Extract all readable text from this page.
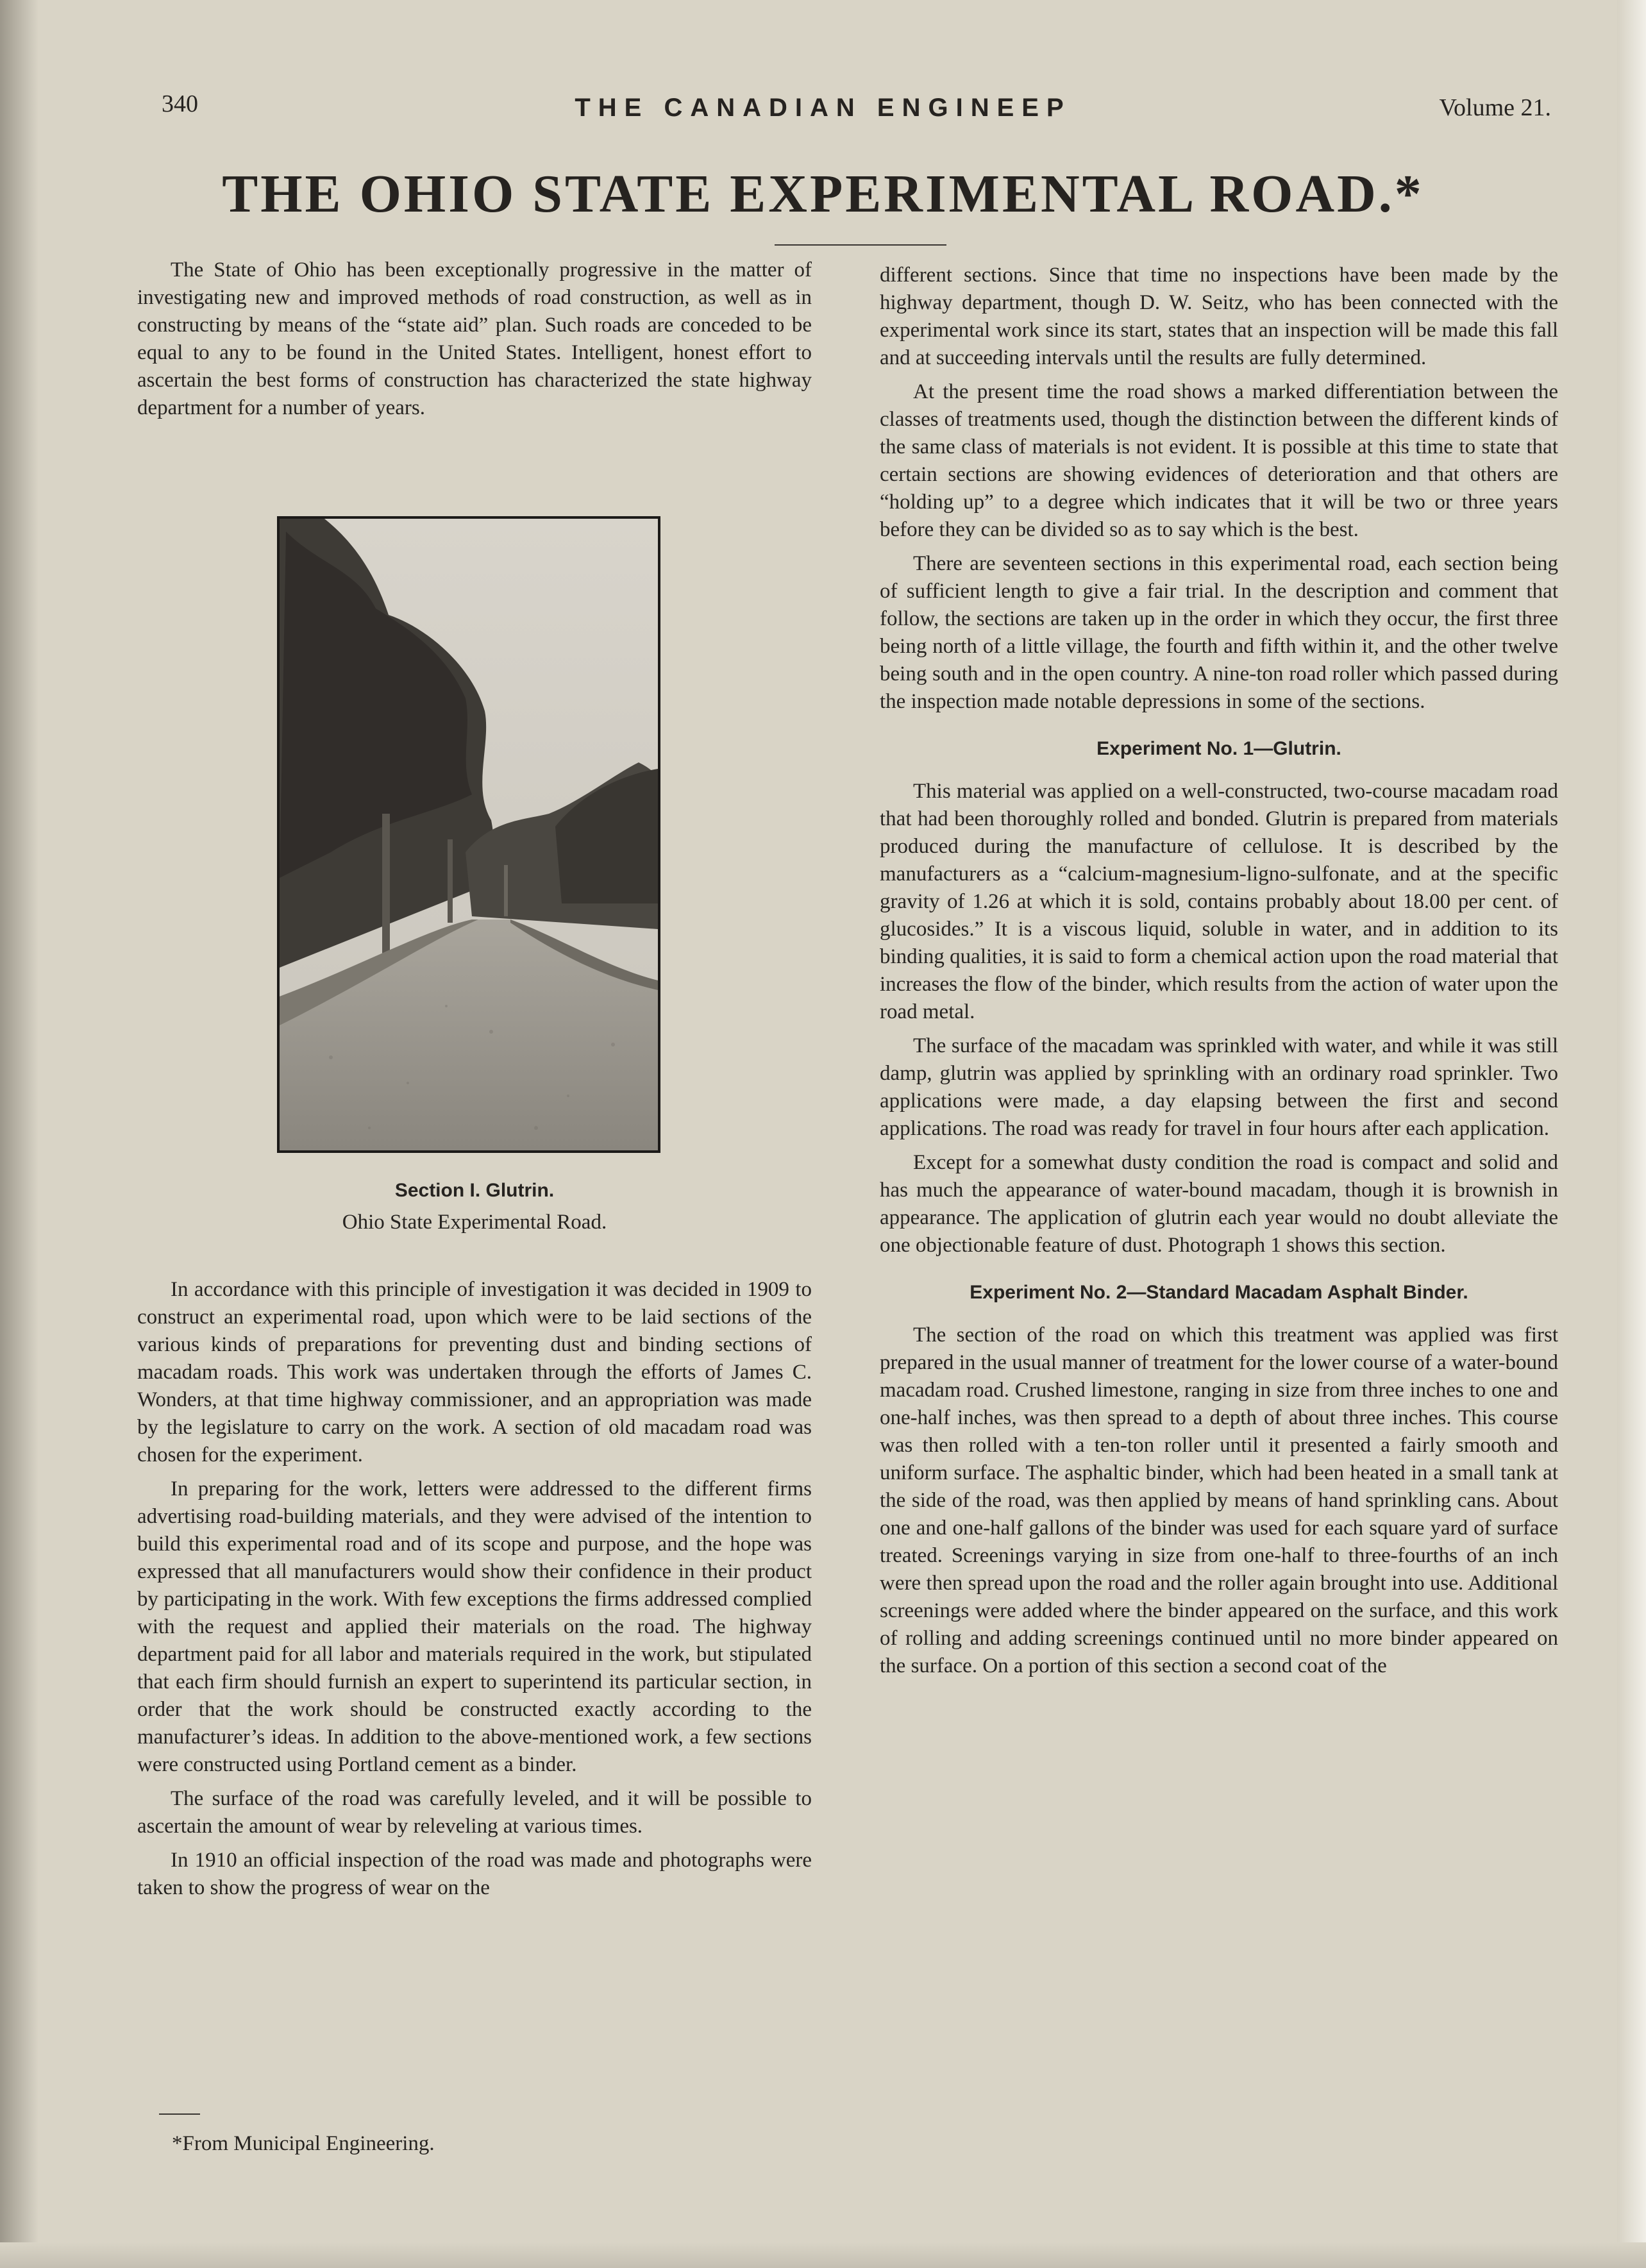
340	THE CANADIAN ENGINEEP	Volume 21.
THE OHIO STATE EXPERIMENTAL ROAD.*

The State of Ohio has been exceptionally progressive in the matter of investigating new and improved methods of road construction, as well as in constructing by means of the “state aid” plan. Such roads are conceded to be equal to any to be found in the United States. Intelligent, honest effort to ascertain the best forms of construction has characterized the state highway department for a number of years.

Section I. Glutrin.
Ohio State Experimental Road.

In accordance with this principle of investigation it was decided in 1909 to construct an experimental road, upon which were to be laid sections of the various kinds of preparations for preventing dust and binding sections of macadam roads. This work was undertaken through the efforts of James C. Wonders, at that time highway commissioner, and an appropriation was made by the legislature to carry on the work. A section of old macadam road was chosen for the experiment.

In preparing for the work, letters were addressed to the different firms advertising road-building materials, and they were advised of the intention to build this experimental road and of its scope and purpose, and the hope was expressed that all manufacturers would show their confidence in their product by participating in the work. With few exceptions the firms addressed complied with the request and applied their materials on the road. The highway department paid for all labor and materials required in the work, but stipulated that each firm should furnish an expert to superintend its particular section, in order that the work should be constructed exactly according to the manufacturer’s ideas. In addition to the above-mentioned work, a few sections were constructed using Portland cement as a binder.

The surface of the road was carefully leveled, and it will be possible to ascertain the amount of wear by releveling at various times.

In 1910 an official inspection of the road was made and photographs were taken to show the progress of wear on the

*From Municipal Engineering.

different sections. Since that time no inspections have been made by the highway department, though D. W. Seitz, who has been connected with the experimental work since its start, states that an inspection will be made this fall and at succeeding intervals until the results are fully determined.

At the present time the road shows a marked differentiation between the classes of treatments used, though the distinction between the different kinds of the same class of materials is not evident. It is possible at this time to state that certain sections are showing evidences of deterioration and that others are “holding up” to a degree which indicates that it will be two or three years before they can be divided so as to say which is the best.

There are seventeen sections in this experimental road, each section being of sufficient length to give a fair trial. In the description and comment that follow, the sections are taken up in the order in which they occur, the first three being north of a little village, the fourth and fifth within it, and the other twelve being south and in the open country. A nine-ton road roller which passed during the inspection made notable depressions in some of the sections.

Experiment No. 1—Glutrin.

This material was applied on a well-constructed, two-course macadam road that had been thoroughly rolled and bonded. Glutrin is prepared from materials produced during the manufacture of cellulose. It is described by the manufacturers as a “calcium-magnesium-ligno-sulfonate, and at the specific gravity of 1.26 at which it is sold, contains probably about 18.00 per cent. of glucosides.” It is a viscous liquid, soluble in water, and in addition to its binding qualities, it is said to form a chemical action upon the road material that increases the flow of the binder, which results from the action of water upon the road metal.

The surface of the macadam was sprinkled with water, and while it was still damp, glutrin was applied by sprinkling with an ordinary road sprinkler. Two applications were made, a day elapsing between the first and second applications. The road was ready for travel in four hours after each application.

Except for a somewhat dusty condition the road is compact and solid and has much the appearance of water-bound macadam, though it is brownish in appearance. The application of glutrin each year would no doubt alleviate the one objectionable feature of dust. Photograph 1 shows this section.

Experiment No. 2—Standard Macadam Asphalt Binder.

The section of the road on which this treatment was applied was first prepared in the usual manner of treatment for the lower course of a water-bound macadam road. Crushed limestone, ranging in size from three inches to one and one-half inches, was then spread to a depth of about three inches. This course was then rolled with a ten-ton roller until it presented a fairly smooth and uniform surface. The asphaltic binder, which had been heated in a small tank at the side of the road, was then applied by means of hand sprinkling cans. About one and one-half gallons of the binder was used for each square yard of surface treated. Screenings varying in size from one-half to three-fourths of an inch were then spread upon the road and the roller again brought into use. Additional screenings were added where the binder appeared on the surface, and this work of rolling and adding screenings continued until no more binder appeared on the surface. On a portion of this section a second coat of the
